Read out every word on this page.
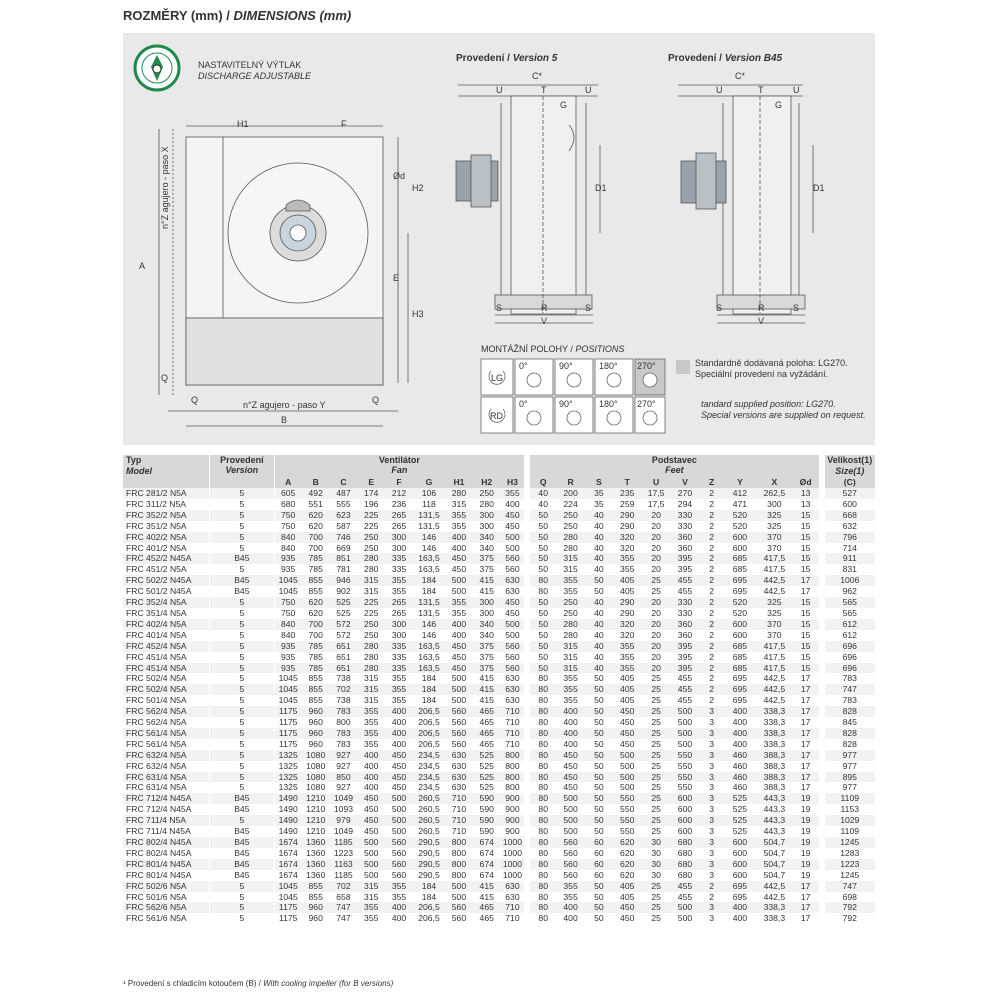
ROZMĚRY (mm) / DIMENSIONS (mm)
NASTAVITELNÝ VÝTLAK
DISCHARGE ADJUSTABLE
H1	F
A
B
H2
H3
E
Ød
Q
Q	Q
n°Z agujero - paso X
n°Z agujero - paso Y
Provedení / Version 5	Provedení / Version B45
C*
U	T	U
G
D1
S	R	S
V
C*
U	T	U
G
D1
S	R	S
V
MONTÁŽNÍ POLOHY / POSITIONS
LG
RD
0°	90°	180° 270°
0°	90°	180° 270°
Standardně dodávaná poloha: LG270.
Speciální provedení na vyžádání.
tandard supplied position: LG270.
Special versions are supplied on request.
Typ
Model	Provedení
Version	Ventilátor
Fan									Podstavec
Feet										Velikost(1)
Size(1)
		A	B	C	E	F	G	H1	H2	H3	Q	R	S	T	U	V	Z	Y	X	Ød	(C)
FRC 281/2 N5A	5	605	492	487	174	212	106	280	250	355	40	200	35	235	17,5	270	2	412	262,5	13	527
FRC 311/2 N5A	5	680	551	555	196	236	118	315	280	400	40	224	35	259	17,5	294	2	471	300	13	600
FRC 352/2 N5A	5	750	620	623	225	265	131,5	355	300	450	50	250	40	290	20	330	2	520	325	15	668
FRC 351/2 N5A	5	750	620	587	225	265	131,5	355	300	450	50	250	40	290	20	330	2	520	325	15	632
FRC 402/2 N5A	5	840	700	746	250	300	146	400	340	500	50	280	40	320	20	360	2	600	370	15	796
FRC 401/2 N5A	5	840	700	669	250	300	146	400	340	500	50	280	40	320	20	360	2	600	370	15	714
FRC 452/2 N45A	B45	935	785	851	280	335	163,5	450	375	560	50	315	40	355	20	395	2	685	417,5	15	911
FRC 451/2 N5A	5	935	785	781	280	335	163,5	450	375	560	50	315	40	355	20	395	2	685	417,5	15	831
FRC 502/2 N45A	B45	1045	855	946	315	355	184	500	415	630	80	355	50	405	25	455	2	695	442,5	17	1006
FRC 501/2 N45A	B45	1045	855	902	315	355	184	500	415	630	80	355	50	405	25	455	2	695	442,5	17	962
FRC 352/4 N5A	5	750	620	525	225	265	131,5	355	300	450	50	250	40	290	20	330	2	520	325	15	565
FRC 351/4 N5A	5	750	620	525	225	265	131,5	355	300	450	50	250	40	290	20	330	2	520	325	15	565
FRC 402/4 N5A	5	840	700	572	250	300	146	400	340	500	50	280	40	320	20	360	2	600	370	15	612
FRC 401/4 N5A	5	840	700	572	250	300	146	400	340	500	50	280	40	320	20	360	2	600	370	15	612
FRC 452/4 N5A	5	935	785	651	280	335	163,5	450	375	560	50	315	40	355	20	395	2	685	417,5	15	696
FRC 451/4 N5A	5	935	785	651	280	335	163,5	450	375	560	50	315	40	355	20	395	2	685	417,5	15	696
FRC 451/4 N5A	5	935	785	651	280	335	163,5	450	375	560	50	315	40	355	20	395	2	685	417,5	15	696
FRC 502/4 N5A	5	1045	855	738	315	355	184	500	415	630	80	355	50	405	25	455	2	695	442,5	17	783
FRC 502/4 N5A	5	1045	855	702	315	355	184	500	415	630	80	355	50	405	25	455	2	695	442,5	17	747
FRC 501/4 N5A	5	1045	855	738	315	355	184	500	415	630	80	355	50	405	25	455	2	695	442,5	17	783
FRC 562/4 N5A	5	1175	960	783	355	400	206,5	560	465	710	80	400	50	450	25	500	3	400	338,3	17	828
FRC 562/4 N5A	5	1175	960	800	355	400	206,5	560	465	710	80	400	50	450	25	500	3	400	338,3	17	845
FRC 561/4 N5A	5	1175	960	783	355	400	206,5	560	465	710	80	400	50	450	25	500	3	400	338,3	17	828
FRC 561/4 N5A	5	1175	960	783	355	400	206,5	560	465	710	80	400	50	450	25	500	3	400	338,3	17	828
FRC 632/4 N5A	5	1325	1080	927	400	450	234,5	630	525	800	80	450	50	500	25	550	3	460	388,3	17	977
FRC 632/4 N5A	5	1325	1080	927	400	450	234,5	630	525	800	80	450	50	500	25	550	3	460	388,3	17	977
FRC 631/4 N5A	5	1325	1080	850	400	450	234,5	630	525	800	80	450	50	500	25	550	3	460	388,3	17	895
FRC 631/4 N5A	5	1325	1080	927	400	450	234,5	630	525	800	80	450	50	500	25	550	3	460	388,3	17	977
FRC 712/4 N45A	B45	1490	1210	1049	450	500	260,5	710	590	900	80	500	50	550	25	600	3	525	443,3	19	1109
FRC 712/4 N45A	B45	1490	1210	1093	450	500	260,5	710	590	900	80	500	50	550	25	600	3	525	443,3	19	1153
FRC 711/4 N5A	5	1490	1210	979	450	500	260,5	710	590	900	80	500	50	550	25	600	3	525	443,3	19	1029
FRC 711/4 N45A	B45	1490	1210	1049	450	500	260,5	710	590	900	80	500	50	550	25	600	3	525	443,3	19	1109
FRC 802/4 N45A	B45	1674	1360	1185	500	560	290,5	800	674	1000	80	560	60	620	30	680	3	600	504,7	19	1245
FRC 802/4 N45A	B45	1674	1360	1223	500	560	290,5	800	674	1000	80	560	60	620	30	680	3	600	504,7	19	1283
FRC 801/4 N45A	B45	1674	1360	1163	500	560	290,5	800	674	1000	80	560	60	620	30	680	3	600	504,7	19	1223
FRC 801/4 N45A	B45	1674	1360	1185	500	560	290,5	800	674	1000	80	560	60	620	30	680	3	600	504,7	19	1245
FRC 502/6 N5A	5	1045	855	702	315	355	184	500	415	630	80	355	50	405	25	455	2	695	442,5	17	747
FRC 501/6 N5A	5	1045	855	658	315	355	184	500	415	630	80	355	50	405	25	455	2	695	442,5	17	698
FRC 562/6 N5A	5	1175	960	747	355	400	206,5	560	465	710	80	400	50	450	25	500	3	400	338,3	17	792
FRC 561/6 N5A	5	1175	960	747	355	400	206,5	560	465	710	80	400	50	450	25	500	3	400	338,3	17	792
¹ Provedení s chladicím kotoučem (B) / With cooling impeller (for B versions)
